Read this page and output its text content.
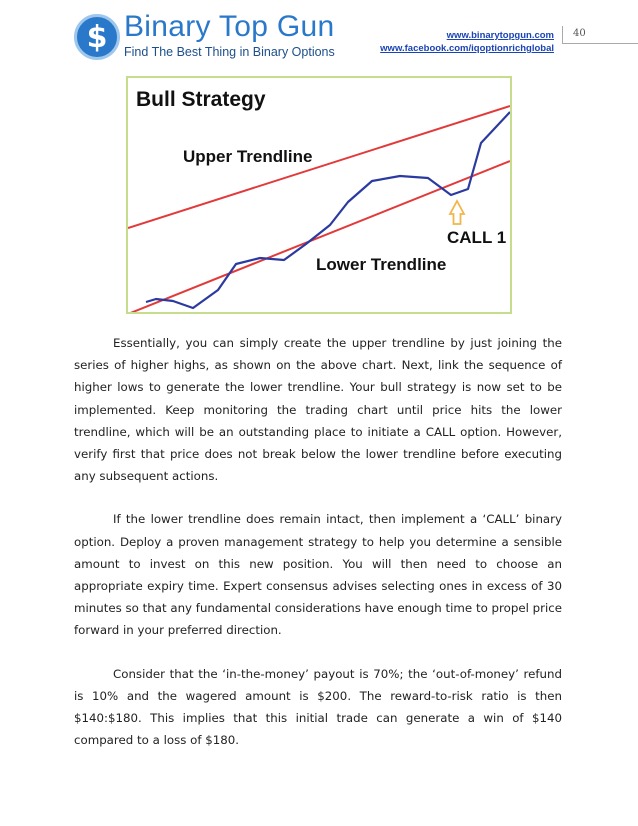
$ Binary Top Gun
Find The Best Thing in Binary Options
www.binarytopgun.com
www.facebook.com/iqoptionrichglobal
40
Bull Strategy
Upper Trendline
Lower Trendline
CALL 1

Essentially, you can simply create the upper trendline by just joining the series of higher highs, as shown on the above chart. Next, link the sequence of higher lows to generate the lower trendline. Your bull strategy is now set to be implemented. Keep monitoring the trading chart until price hits the lower trendline, which will be an outstanding place to initiate a CALL option. However, verify first that price does not break below the lower trendline before executing any subsequent actions.

If the lower trendline does remain intact, then implement a ‘CALL’ binary option. Deploy a proven management strategy to help you determine a sensible amount to invest on this new position. You will then need to choose an appropriate expiry time. Expert consensus advises selecting ones in excess of 30 minutes so that any fundamental considerations have enough time to propel price forward in your preferred direction.

Consider that the ‘in-the-money’ payout is 70%; the ‘out-of-money’ refund is 10% and the wagered amount is $200. The reward-to-risk ratio is then $140:$180. This implies that this initial trade can generate a win of $140 compared to a loss of $180.
